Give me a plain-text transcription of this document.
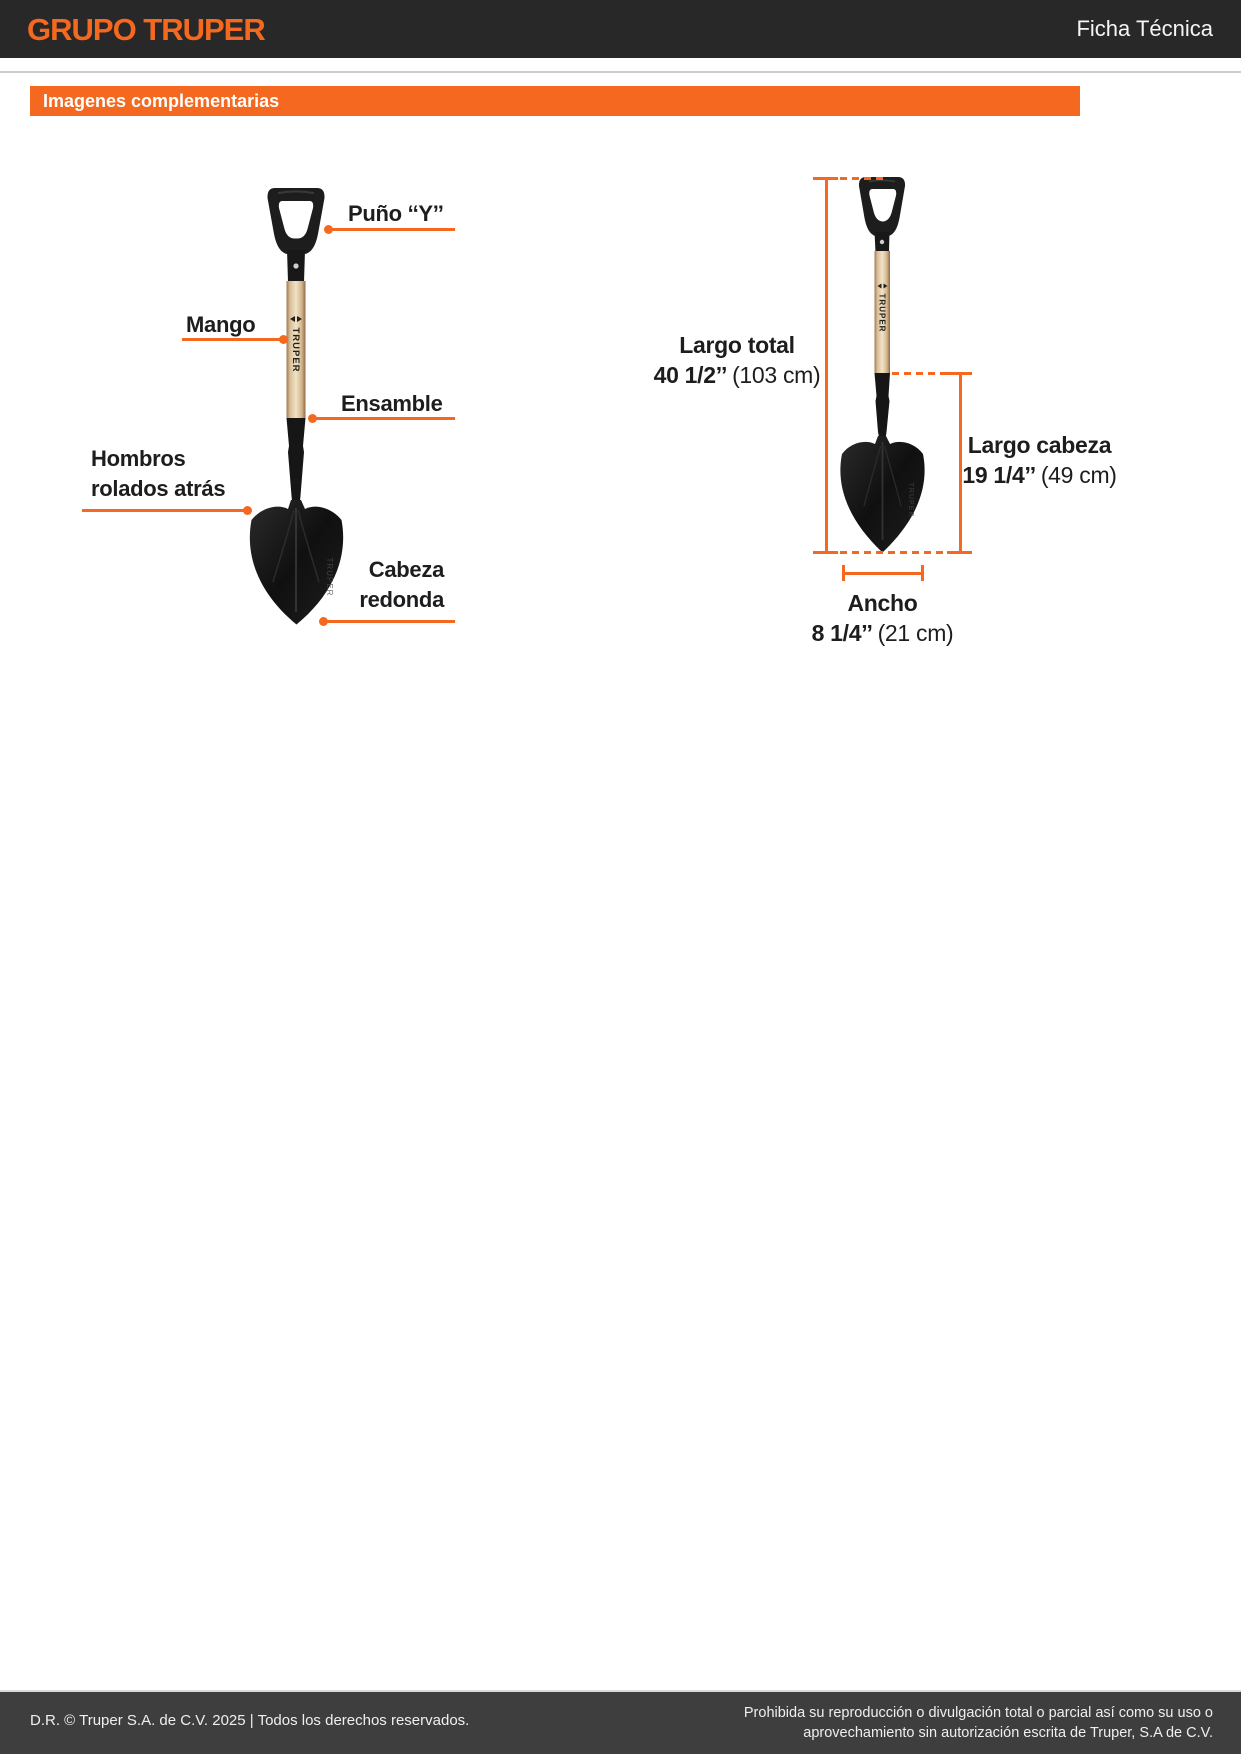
GRUPO TRUPER	Ficha Técnica
Imagenes complementarias
TRUPER
TRUPER
Puño ‘‘Y’’
Mango
Ensamble
Hombros
rolados atrás
Cabeza
redonda
TRUPER
TRUPER
Largo total
40 1/2’’ (103 cm)
Largo cabeza
19 1/4’’ (49 cm)
Ancho
8 1/4’’ (21 cm)
D.R. © Truper S.A. de C.V. 2025 | Todos los derechos reservados.	Prohibida su reproducción o divulgación total o parcial así como su uso o
aprovechamiento sin autorización escrita de Truper, S.A de C.V.
